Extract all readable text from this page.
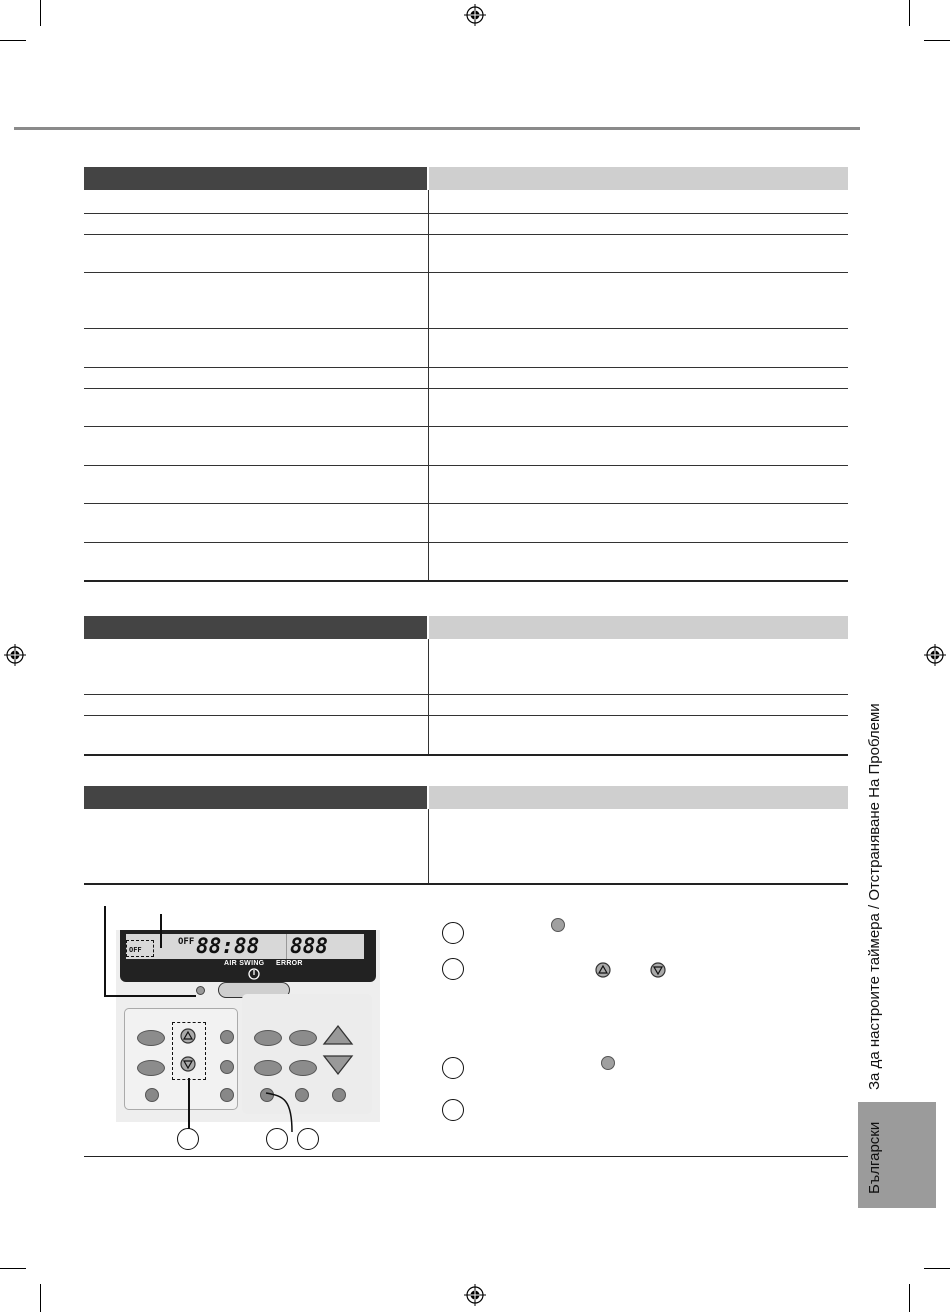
OFF
OFF 88:88 888
AIR SWING ERROR
Български
За да настроите таймера / Отстраняване На Проблеми
